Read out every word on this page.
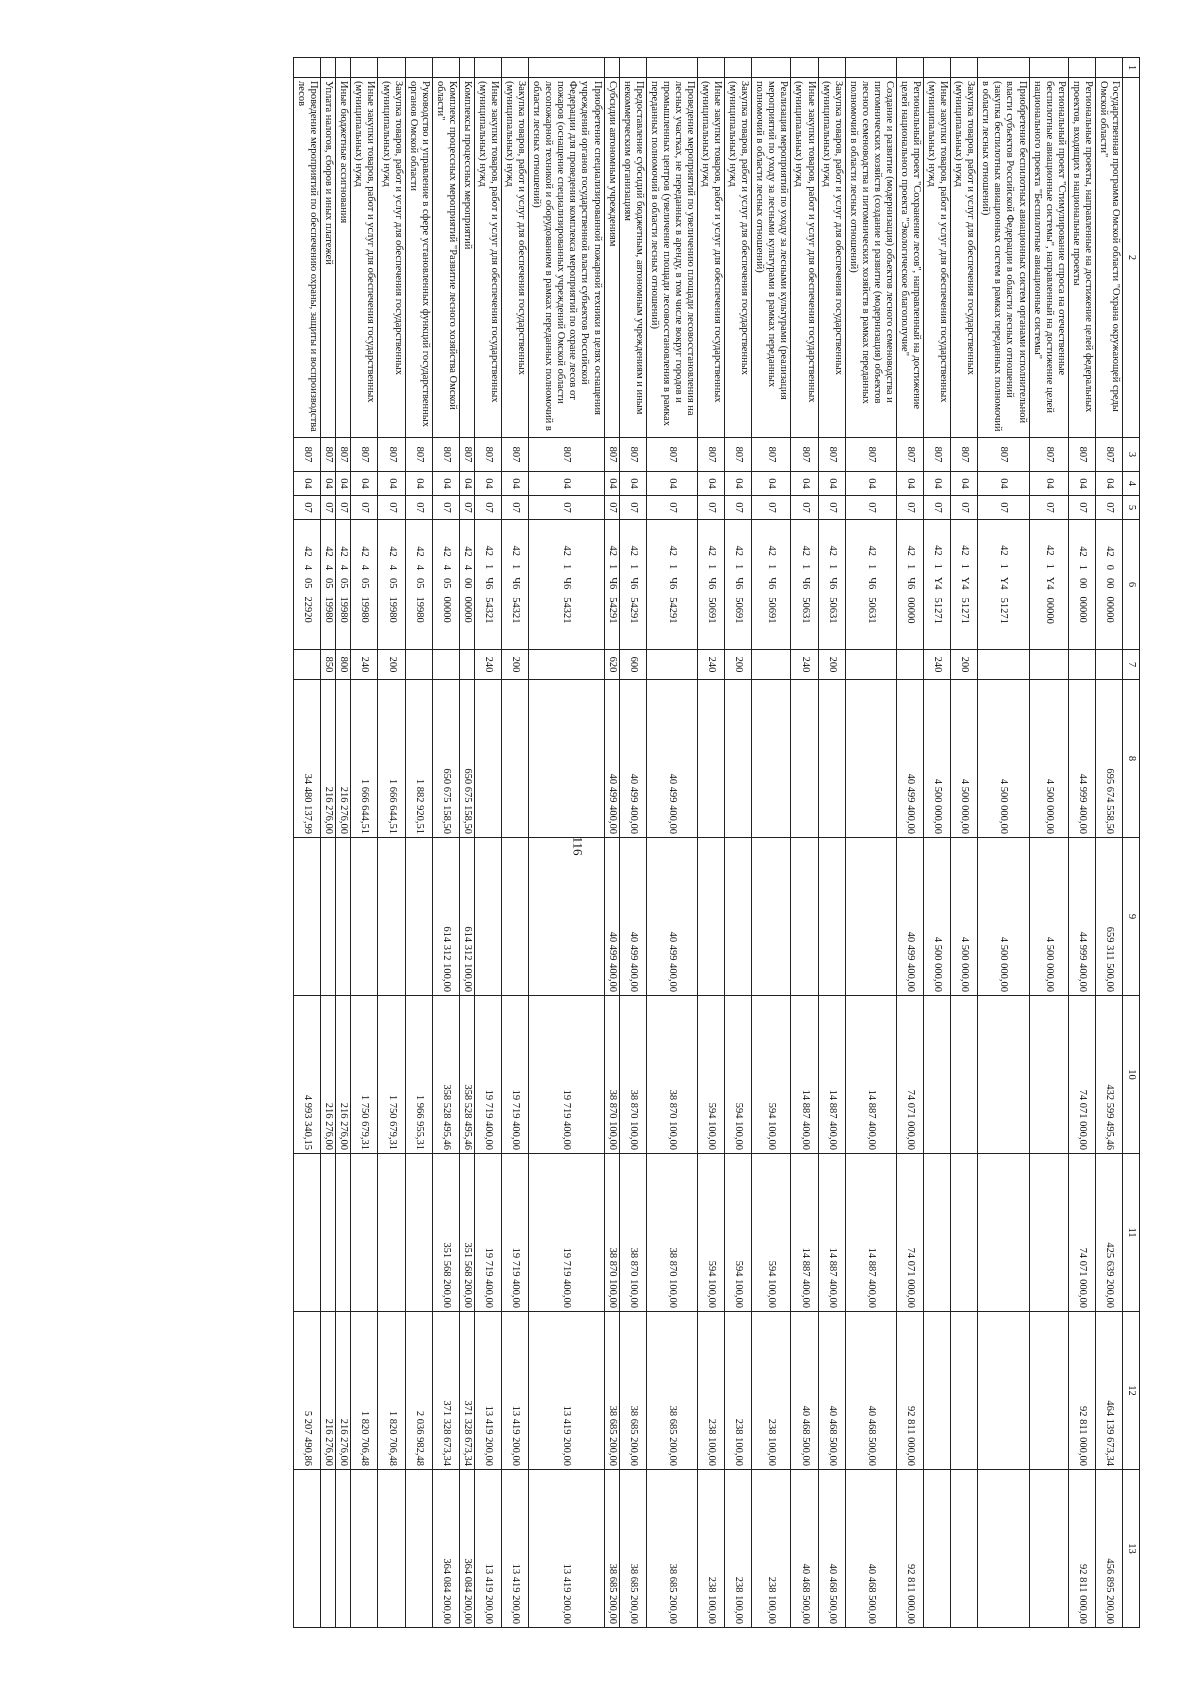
116
1	2	3	4	5	6	7	8	9	10	11	12	13
	Государственная программа Омской области "Охрана окружающей среды Омской области"	807	04	07	4200000000		695 674 558,50	659 311 500,00	432 599 495,46	425 639 200,00	464 139 673,34	456 895 200,00
	Региональные проекты, направленные на достижение целей федеральных проектов, входящих в национальные проекты	807	04	07	4210000000		44 999 400,00	44 999 400,00	74 071 000,00	74 071 000,00	92 811 000,00	92 811 000,00
	Региональный проект "Стимулирование спроса на отечественные беспилотные авиационные системы", направленный на достижение целей национального проекта "Беспилотные авиационные системы"	807	04	07	421Y400000		4 500 000,00	4 500 000,00				
	Приобретение беспилотных авиационных систем органами исполнительной власти субъектов Российской Федерации в области лесных отношений (закупка беспилотных авиационных систем в рамках переданных полномочий в области лесных отношений)	807	04	07	421Y451271		4 500 000,00	4 500 000,00				
	Закупка товаров, работ и услуг для обеспечения государственных (муниципальных) нужд	807	04	07	421Y451271	200	4 500 000,00	4 500 000,00				
	Иные закупки товаров, работ и услуг для обеспечения государственных (муниципальных) нужд	807	04	07	421Y451271	240	4 500 000,00	4 500 000,00				
	Региональный проект "Сохранение лесов", направленный на достижение целей национального проекта "Экологическое благополучие"	807	04	07	421Ч600000		40 499 400,00	40 499 400,00	74 071 000,00	74 071 000,00	92 811 000,00	92 811 000,00
	Создание и развитие (модернизация) объектов лесного семеноводства и питомнических хозяйств (создание и развитие (модернизация) объектов лесного семеноводства и питомнических хозяйств в рамках переданных полномочий в области лесных отношений)	807	04	07	421Ч650631				14 887 400,00	14 887 400,00	40 468 500,00	40 468 500,00
	Закупка товаров, работ и услуг для обеспечения государственных (муниципальных) нужд	807	04	07	421Ч650631	200			14 887 400,00	14 887 400,00	40 468 500,00	40 468 500,00
	Иные закупки товаров, работ и услуг для обеспечения государственных (муниципальных) нужд	807	04	07	421Ч650631	240			14 887 400,00	14 887 400,00	40 468 500,00	40 468 500,00
	Реализация мероприятий по уходу за лесными культурами (реализация мероприятий по уходу за лесными культурами в рамках переданных полномочий в области лесных отношений)	807	04	07	421Ч650691				594 100,00	594 100,00	238 100,00	238 100,00
	Закупка товаров, работ и услуг для обеспечения государственных (муниципальных) нужд	807	04	07	421Ч650691	200			594 100,00	594 100,00	238 100,00	238 100,00
	Иные закупки товаров, работ и услуг для обеспечения государственных (муниципальных) нужд	807	04	07	421Ч650691	240			594 100,00	594 100,00	238 100,00	238 100,00
	Проведение мероприятий по увеличению площади лесовосстановления на лесных участках, не переданных в аренду, в том числе вокруг городов и промышленных центров (увеличение площади лесовосстановления в рамках переданных полномочий в области лесных отношений)	807	04	07	421Ч654291		40 499 400,00	40 499 400,00	38 870 100,00	38 870 100,00	38 685 200,00	38 685 200,00
	Предоставление субсидий бюджетным, автономным учреждениям и иным некоммерческим организациям	807	04	07	421Ч654291	600	40 499 400,00	40 499 400,00	38 870 100,00	38 870 100,00	38 685 200,00	38 685 200,00
	Субсидии автономным учреждениям	807	04	07	421Ч654291	620	40 499 400,00	40 499 400,00	38 870 100,00	38 870 100,00	38 685 200,00	38 685 200,00
	Приобретение специализированной пожарной техники в целях оснащения учреждений органов государственной власти субъектов Российской Федерации для проведения комплекса мероприятий по охране лесов от пожаров (оснащение специализированных учреждений Омской области лесопожарной техникой и оборудованием в рамках переданных полномочий в области лесных отношений)	807	04	07	421Ч654321				19 719 400,00	19 719 400,00	13 419 200,00	13 419 200,00
	Закупка товаров, работ и услуг для обеспечения государственных (муниципальных) нужд	807	04	07	421Ч654321	200			19 719 400,00	19 719 400,00	13 419 200,00	13 419 200,00
	Иные закупки товаров, работ и услуг для обеспечения государственных (муниципальных) нужд	807	04	07	421Ч654321	240			19 719 400,00	19 719 400,00	13 419 200,00	13 419 200,00
	Комплексы процессных мероприятий	807	04	07	4240000000		650 675 158,50	614 312 100,00	358 528 495,46	351 568 200,00	371 328 673,34	364 084 200,00
	Комплекс процессных мероприятий "Развитие лесного хозяйства Омской области"	807	04	07	4240500000		650 675 158,50	614 312 100,00	358 528 495,46	351 568 200,00	371 328 673,34	364 084 200,00
	Руководство и управление в сфере установленных функций государственных органов Омской области	807	04	07	4240519980		1 882 920,51		1 966 955,31		2 036 982,48	
	Закупка товаров, работ и услуг для обеспечения государственных (муниципальных) нужд	807	04	07	4240519980	200	1 666 644,51		1 750 679,31		1 820 706,48	
	Иные закупки товаров, работ и услуг для обеспечения государственных (муниципальных) нужд	807	04	07	4240519980	240	1 666 644,51		1 750 679,31		1 820 706,48	
	Иные бюджетные ассигнования	807	04	07	4240519980	800	216 276,00		216 276,00		216 276,00	
	Уплата налогов, сборов и иных платежей	807	04	07	4240519980	850	216 276,00		216 276,00		216 276,00	
	Проведение мероприятий по обеспечению охраны, защиты и воспроизводства лесов	807	04	07	4240522920		34 480 137,99		4 993 340,15		5 207 490,86	
